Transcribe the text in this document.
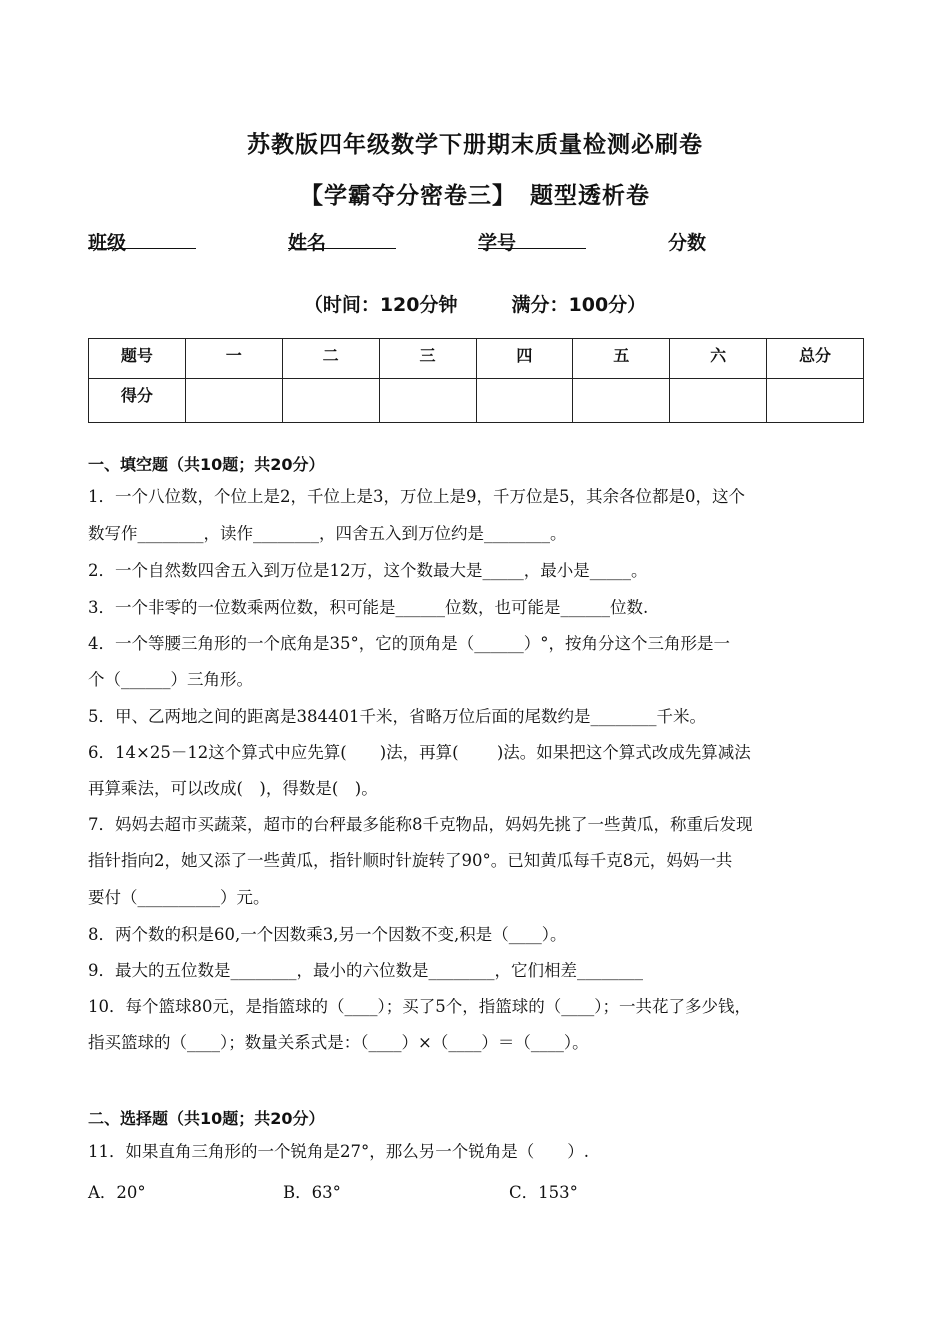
苏教版四年级数学下册期末质量检测必刷卷
【学霸夺分密卷三】 题型透析卷
班级	姓名	学号	分数
（时间：120分钟	满分：100分）
题号	一	二	三	四	五	六	总分
得分							
一、填空题（共10题；共20分）
1．一个八位数，个位上是2，千位上是3，万位上是9，千万位是5，其余各位都是0，这个
数写作________，读作________，四舍五入到万位约是________。
2．一个自然数四舍五入到万位是12万，这个数最大是_____，最小是_____。
3．一个非零的一位数乘两位数，积可能是______位数，也可能是______位数.
4．一个等腰三角形的一个底角是35°，它的顶角是（______）°，按角分这个三角形是一
个（______）三角形。
5．甲、乙两地之间的距离是384401千米，省略万位后面的尾数约是________千米。
6．14×25－12这个算式中应先算(　　)法，再算(　　 )法。如果把这个算式改成先算减法
再算乘法，可以改成(　)，得数是(　)。
7．妈妈去超市买蔬菜，超市的台秤最多能称8千克物品，妈妈先挑了一些黄瓜，称重后发现
指针指向2，她又添了一些黄瓜，指针顺时针旋转了90°。已知黄瓜每千克8元，妈妈一共
要付（__________）元。
8．两个数的积是60,一个因数乘3,另一个因数不变,积是（____）。
9．最大的五位数是________，最小的六位数是________，它们相差________
10．每个篮球80元，是指篮球的（____）；买了5个，指篮球的（____）；一共花了多少钱，
指买篮球的（____）；数量关系式是：（____）×（____）＝（____）。
二、选择题（共10题；共20分）
11．如果直角三角形的一个锐角是27°，那么另一个锐角是（　　）.
A．20°	B．63°	C．153°
